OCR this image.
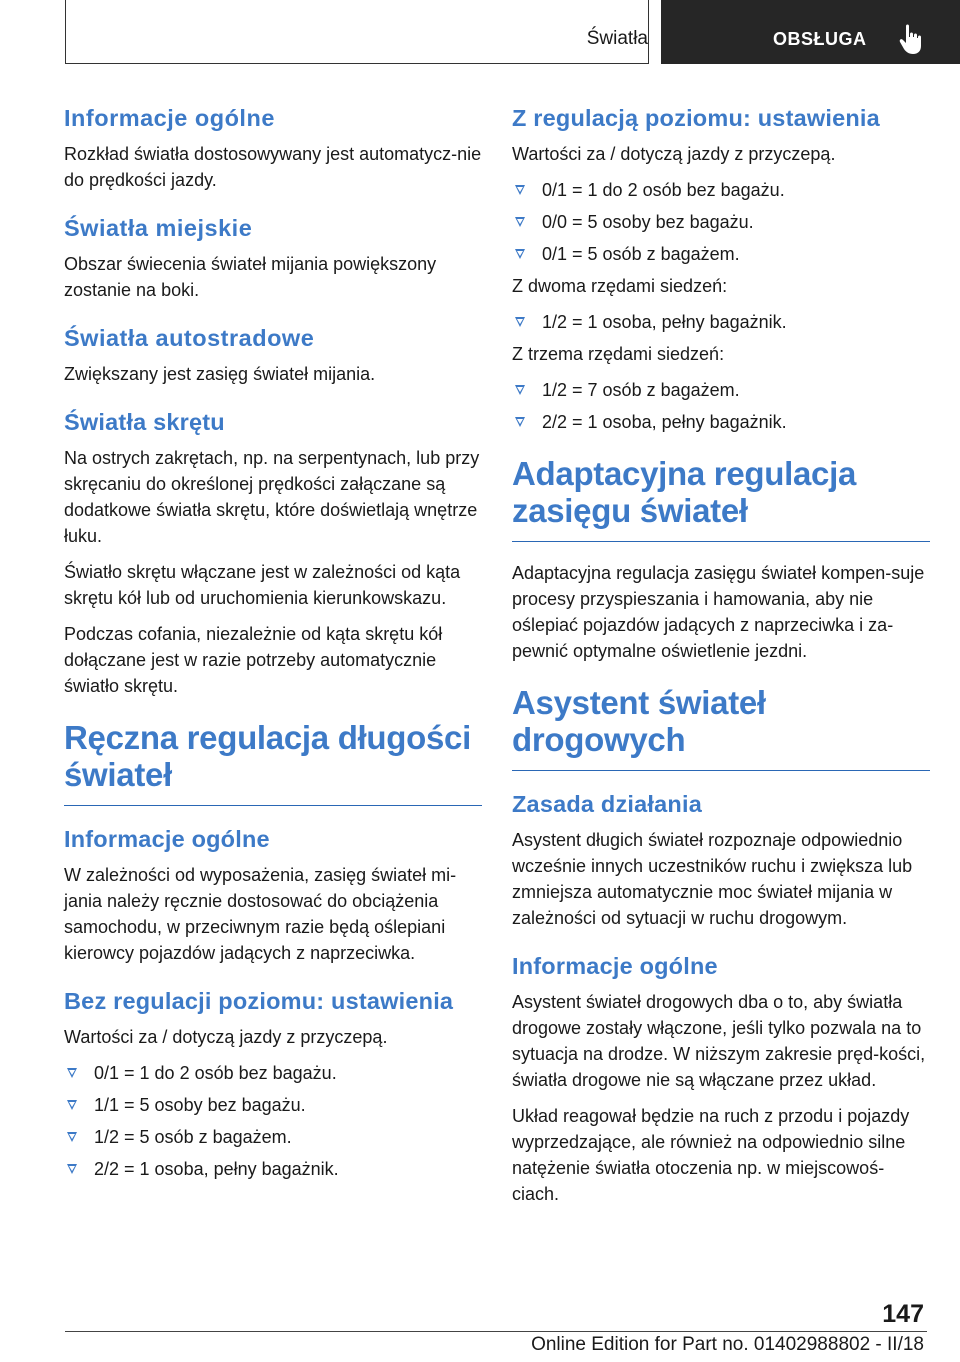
Światła	OBSŁUGA
Informacje ogólne

Rozkład światła dostosowywany jest automatycz-nie do prędkości jazdy.

Światła miejskie

Obszar świecenia świateł mijania powiększony zostanie na boki.

Światła autostradowe

Zwiększany jest zasięg świateł mijania.

Światła skrętu

Na ostrych zakrętach, np. na serpentynach, lub przy skręcaniu do określonej prędkości załączane są dodatkowe światła skrętu, które doświetlają wnętrze łuku.

Światło skrętu włączane jest w zależności od kąta skrętu kół lub od uruchomienia kierunkowskazu.

Podczas cofania, niezależnie od kąta skrętu kół dołączane jest w razie potrzeby automatycznie światło skrętu.

Ręczna regulacja długości świateł
Informacje ogólne

W zależności od wyposażenia, zasięg świateł mi-jania należy ręcznie dostosować do obciążenia samochodu, w przeciwnym razie będą oślepiani kierowcy pojazdów jadących z naprzeciwka.

Bez regulacji poziomu: ustawienia

Wartości za / dotyczą jazdy z przyczepą.

0/1 = 1 do 2 osób bez bagażu.
1/1 = 5 osoby bez bagażu.
1/2 = 5 osób z bagażem.
2/2 = 1 osoba, pełny bagażnik.
Z regulacją poziomu: ustawienia

Wartości za / dotyczą jazdy z przyczepą.

0/1 = 1 do 2 osób bez bagażu.
0/0 = 5 osoby bez bagażu.
0/1 = 5 osób z bagażem.

Z dwoma rzędami siedzeń:

1/2 = 1 osoba, pełny bagażnik.

Z trzema rzędami siedzeń:

1/2 = 7 osób z bagażem.
2/2 = 1 osoba, pełny bagażnik.
Adaptacyjna regulacja zasięgu świateł

Adaptacyjna regulacja zasięgu świateł kompen-suje procesy przyspieszania i hamowania, aby nie oślepiać pojazdów jadących z naprzeciwka i za-pewnić optymalne oświetlenie jezdni.

Asystent świateł drogowych
Zasada działania

Asystent długich świateł rozpoznaje odpowiednio wcześnie innych uczestników ruchu i zwiększa lub zmniejsza automatycznie moc świateł mijania w zależności od sytuacji w ruchu drogowym.

Informacje ogólne

Asystent świateł drogowych dba o to, aby światła drogowe zostały włączone, jeśli tylko pozwala na to sytuacja na drodze. W niższym zakresie pręd-kości, światła drogowe nie są włączane przez układ.

Układ reagował będzie na ruch z przodu i pojazdy wyprzedzające, ale również na odpowiednio silne natężenie światła otoczenia np. w miejscowoś-ciach.

147
Online Edition for Part no. 01402988802 - II/18
